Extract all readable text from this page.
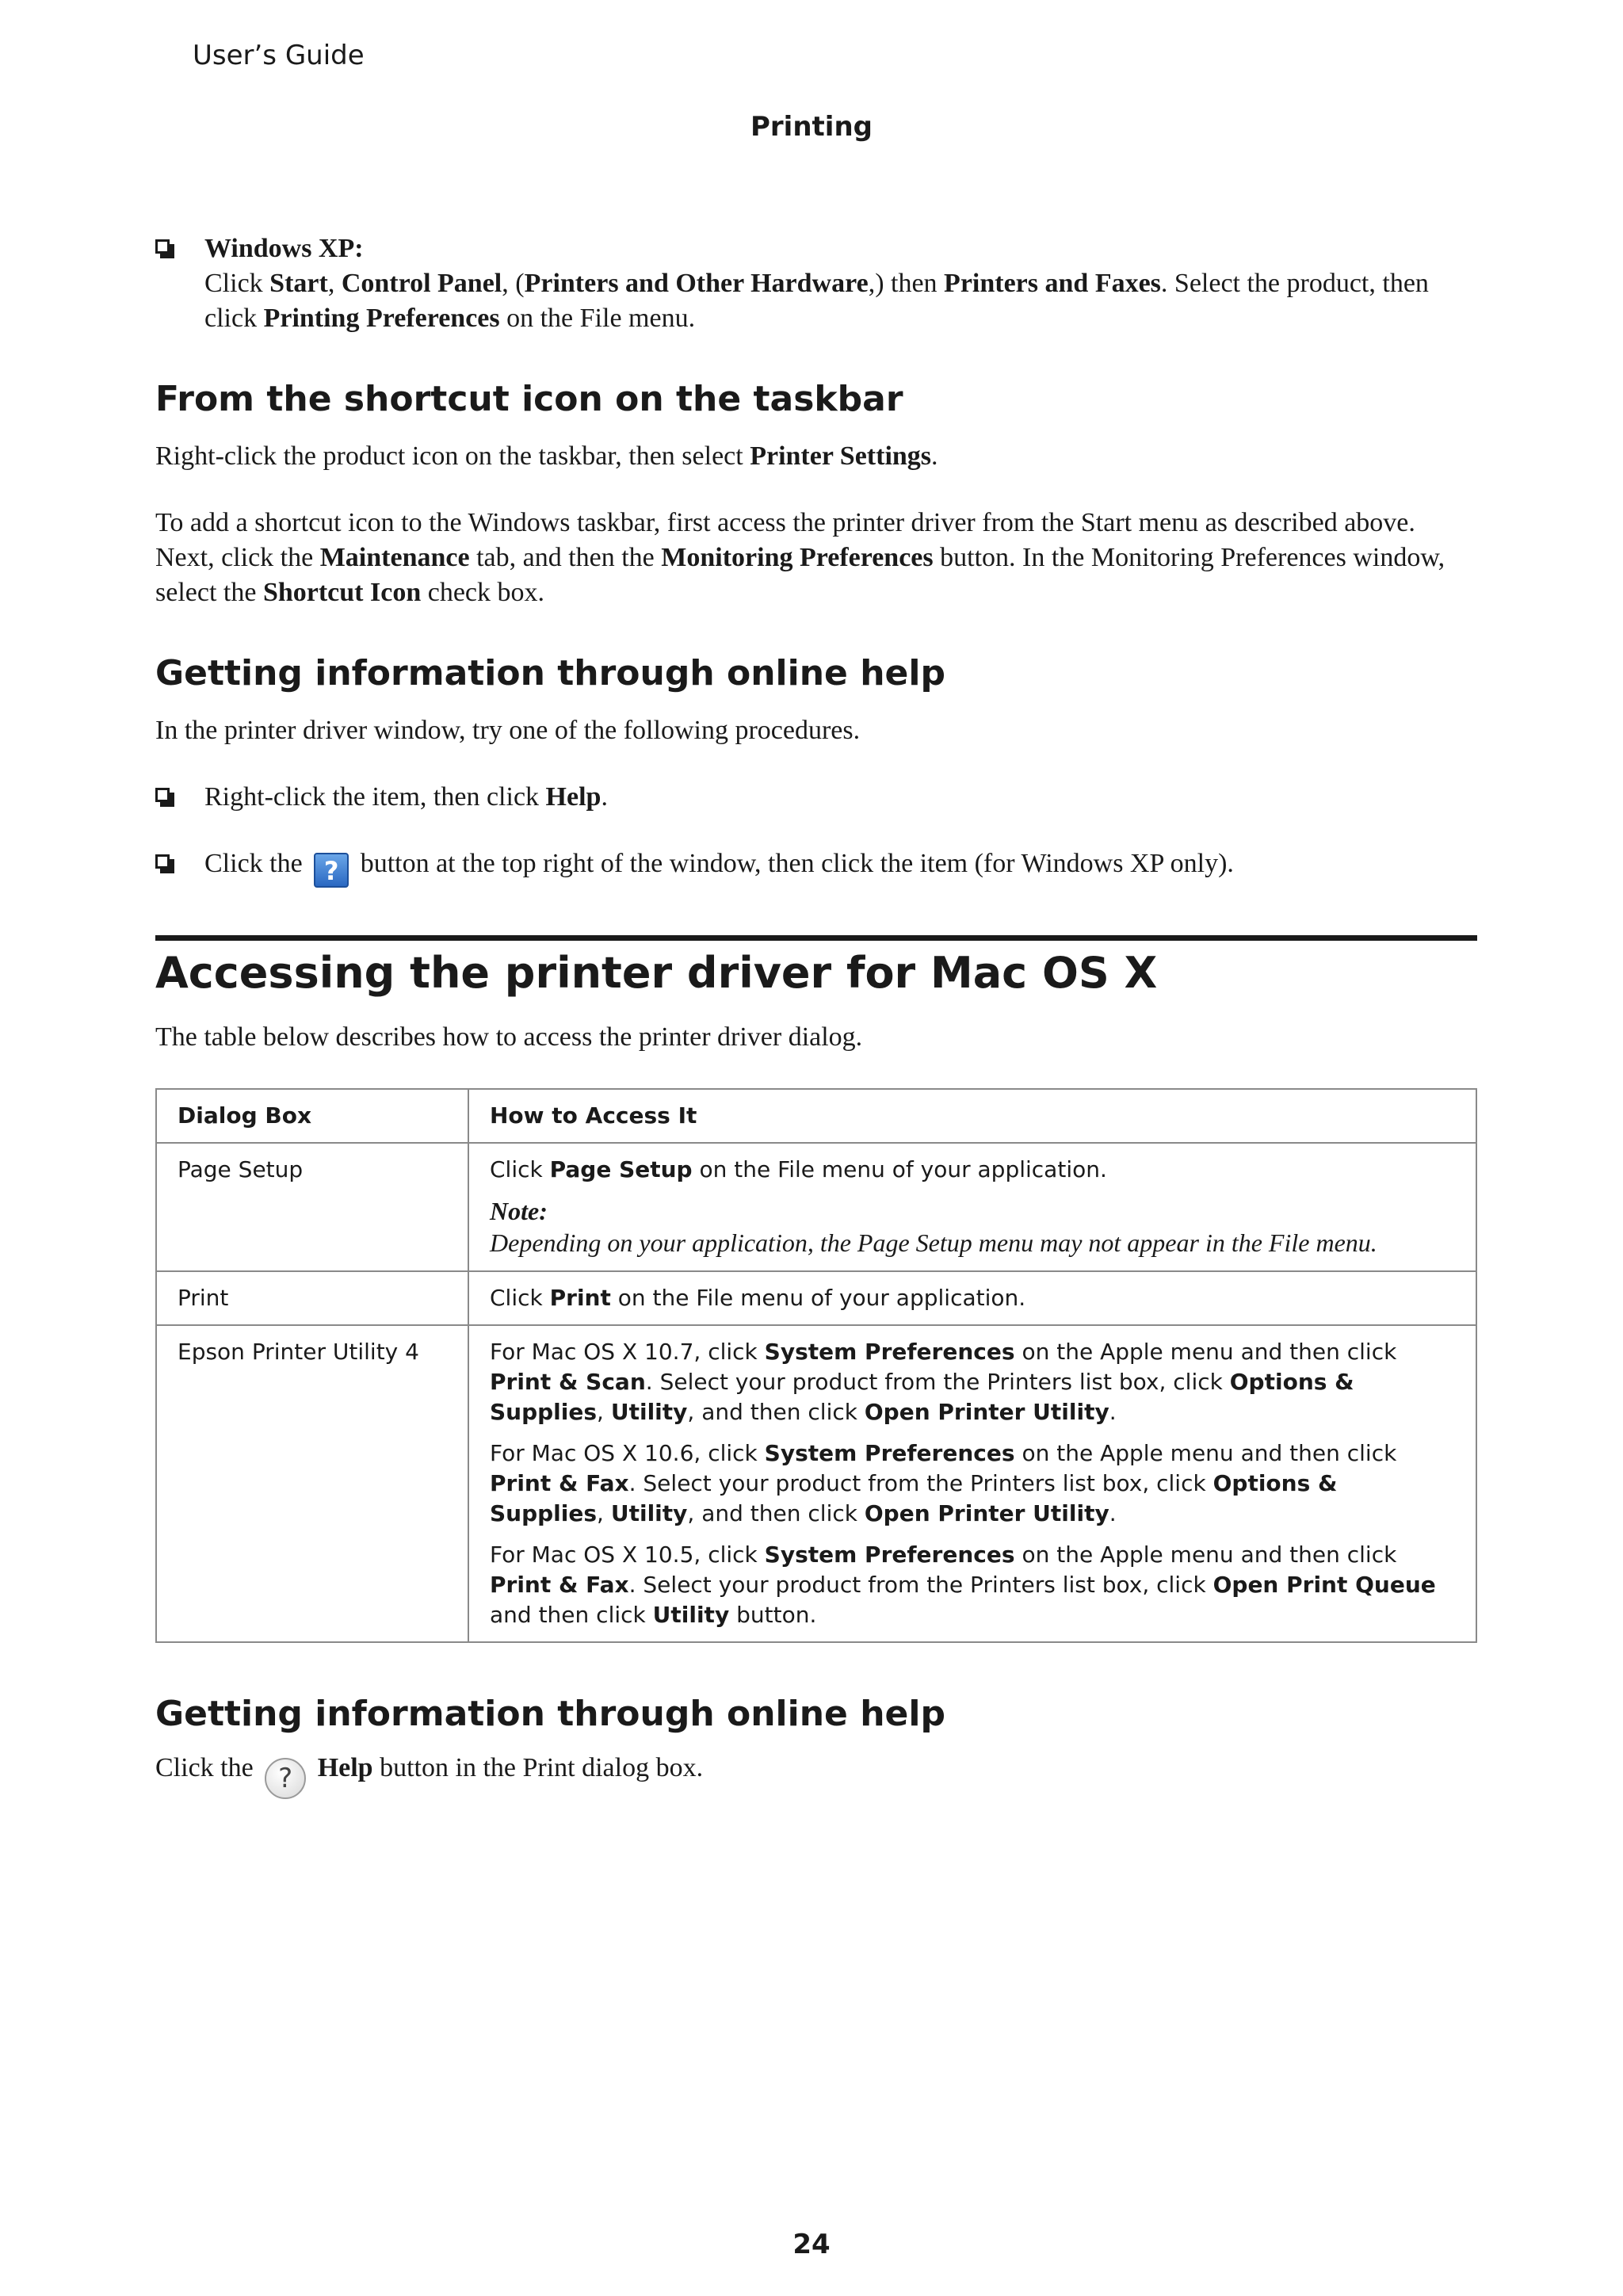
User’s Guide
Printing

Windows XP:
Click Start, Control Panel, (Printers and Other Hardware,) then Printers and Faxes. Select the product, then click Printing Preferences on the File menu.

From the shortcut icon on the taskbar

Right-click the product icon on the taskbar, then select Printer Settings.

To add a shortcut icon to the Windows taskbar, first access the printer driver from the Start menu as described above. Next, click the Maintenance tab, and then the Monitoring Preferences button. In the Monitoring Preferences window, select the Shortcut Icon check box.

Getting information through online help

In the printer driver window, try one of the following procedures.

Right-click the item, then click Help.

Click the ? button at the top right of the window, then click the item (for Windows XP only).

Accessing the printer driver for Mac OS X

The table below describes how to access the printer driver dialog.

Dialog Box	How to Access It
Page Setup	Click Page Setup on the File menu of your application.

Note:
Depending on your application, the Page Setup menu may not appear in the File menu.

Print	Click Print on the File menu of your application.

Epson Printer Utility 4	For Mac OS X 10.7, click System Preferences on the Apple menu and then click Print & Scan. Select your product from the Printers list box, click Options & Supplies, Utility, and then click Open Printer Utility.

For Mac OS X 10.6, click System Preferences on the Apple menu and then click Print & Fax. Select your product from the Printers list box, click Options & Supplies, Utility, and then click Open Printer Utility.

For Mac OS X 10.5, click System Preferences on the Apple menu and then click Print & Fax. Select your product from the Printers list box, click Open Print Queue and then click Utility button.

Getting information through online help

Click the ? Help button in the Print dialog box.

24
